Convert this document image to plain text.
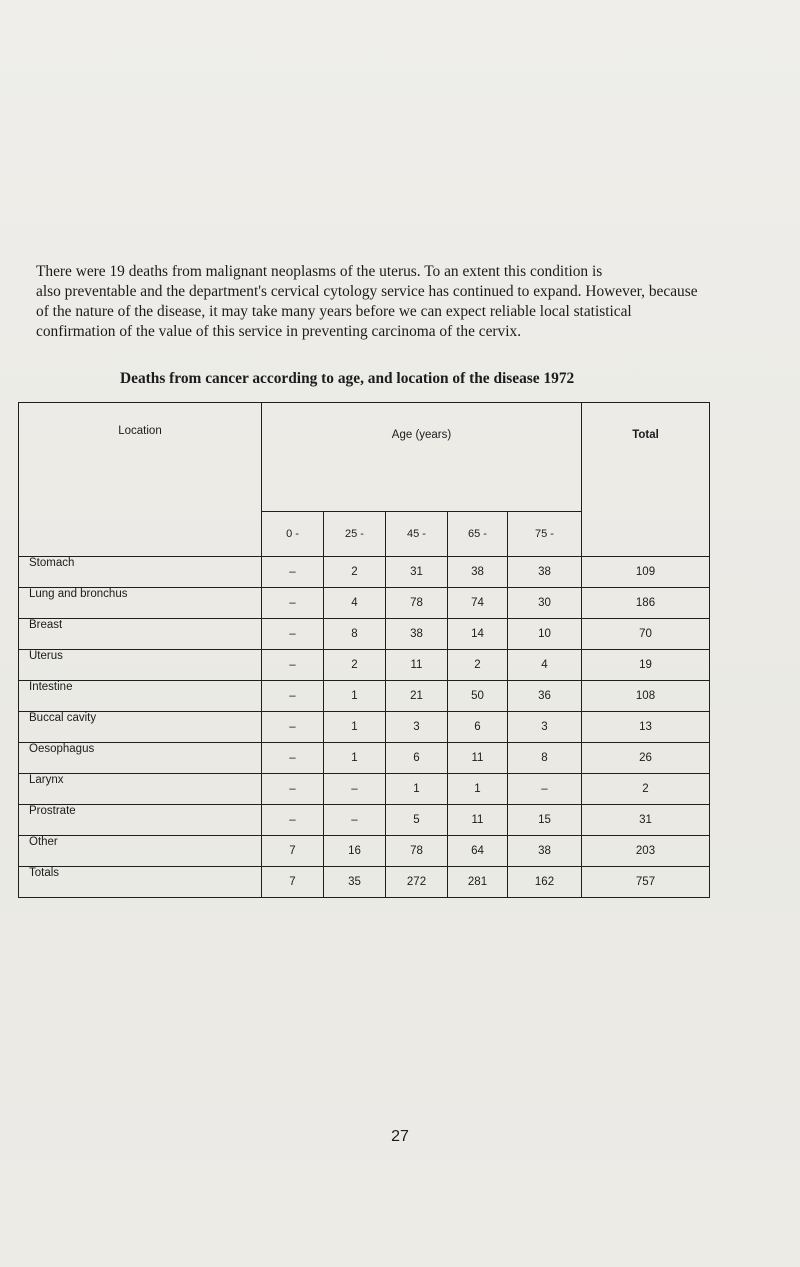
There were 19 deaths from malignant neoplasms of the uterus. To an extent this condition is
also preventable and the department's cervical cytology service has continued to expand. However, because
of the nature of the disease, it may take many years before we can expect reliable local statistical
confirmation of the value of this service in preventing carcinoma of the cervix.
Deaths from cancer according to age, and location of the disease 1972
Location	Age (years)					Total
	0 -	25 -	45 -	65 -	75 -	
Stomach	–	2	31	38	38	109
Lung and bronchus	–	4	78	74	30	186
Breast	–	8	38	14	10	70
Uterus	–	2	11	2	4	19
Intestine	–	1	21	50	36	108
Buccal cavity	–	1	3	6	3	13
Oesophagus	–	1	6	11	8	26
Larynx	–	–	1	1	–	2
Prostrate	–	–	5	11	15	31
Other	7	16	78	64	38	203
Totals	7	35	272	281	162	757
27
